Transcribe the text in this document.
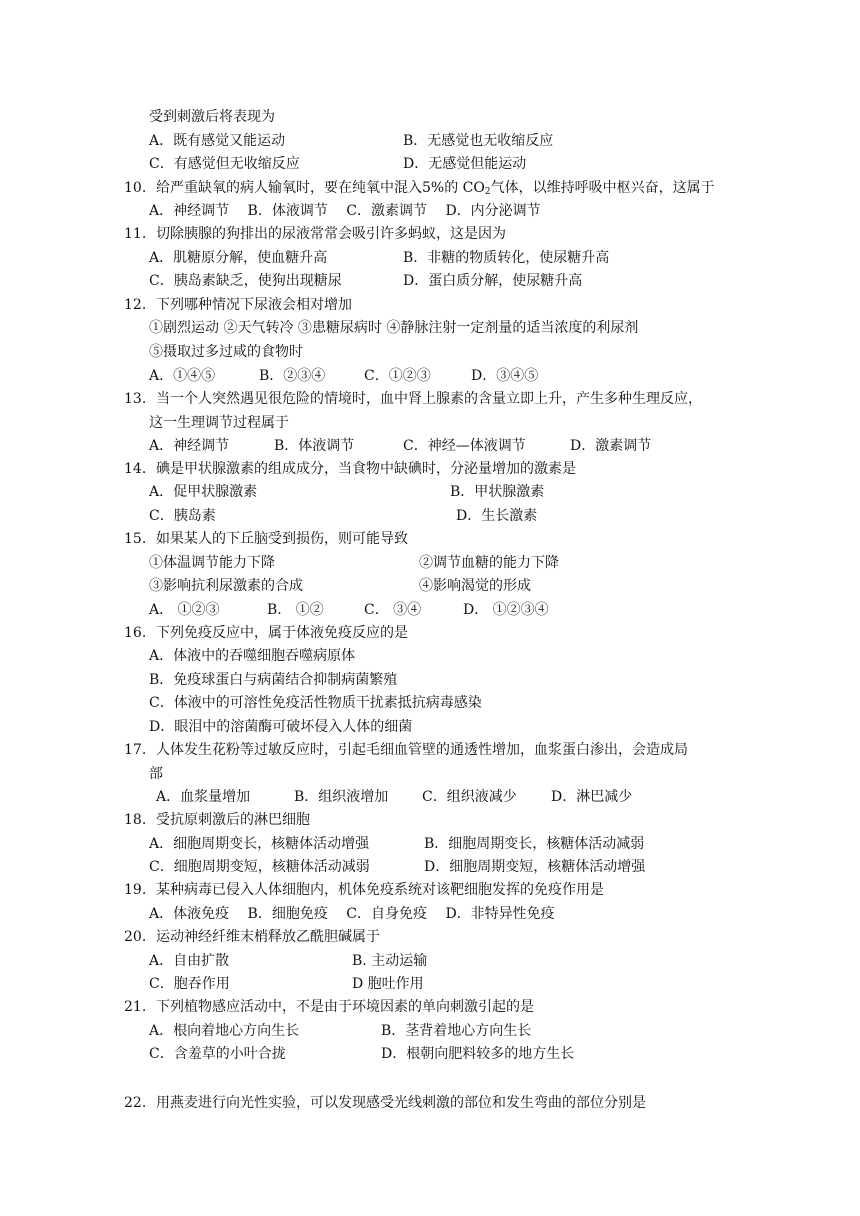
受到刺激后将表现为
A．既有感觉又能运动	B．无感觉也无收缩反应
C．有感觉但无收缩反应	D．无感觉但能运动
10. 给严重缺氧的病人输氧时，要在纯氧中混入5%的 $CO_2$气体，以维持呼吸中枢兴奋，这属于
A．神经调节　 B．体液调节　 C．激素调节　 D．内分泌调节
11. 切除胰腺的狗排出的尿液常常会吸引许多蚂蚁，这是因为
A．肌糖原分解，使血糖升高	B．非糖的物质转化，使尿糖升高
C．胰岛素缺乏，使狗出现糖尿	D．蛋白质分解，使尿糖升高
12. 下列哪种情况下尿液会相对增加
①剧烈运动 ②天气转冷 ③患糖尿病时 ④静脉注射一定剂量的适当浓度的利尿剂
⑤摄取过多过咸的食物时
A．①④⑤	B．②③④	C．①②③	D．③④⑤
13. 当一个人突然遇见很危险的情境时，血中肾上腺素的含量立即上升，产生多种生理反应，
这一生理调节过程属于
A．神经调节	B．体液调节	C．神经—体液调节	D．激素调节
14. 碘是甲状腺激素的组成成分，当食物中缺碘时，分泌量增加的激素是
A．促甲状腺激素	B．甲状腺激素
C．胰岛素	D．生长激素
15. 如果某人的下丘脑受到损伤，则可能导致
①体温调节能力下降	②调节血糖的能力下降
③影响抗利尿激素的合成	④影响渴觉的形成
A． ①②③	B． ①②	C． ③④	D． ①②③④
16. 下列免疫反应中，属于体液免疫反应的是
A．体液中的吞噬细胞吞噬病原体
B．免疫球蛋白与病菌结合抑制病菌繁殖
C．体液中的可溶性免疫活性物质干扰素抵抗病毒感染
D．眼泪中的溶菌酶可破坏侵入人体的细菌
17. 人体发生花粉等过敏反应时，引起毛细血管壁的通透性增加，血浆蛋白渗出，会造成局
部
A．血浆量增加	B．组织液增加 C．组织液减少 D．淋巴减少
18. 受抗原刺激后的淋巴细胞
A．细胞周期变长，核糖体活动增强	B．细胞周期变长，核糖体活动减弱
C．细胞周期变短，核糖体活动减弱	D．细胞周期变短，核糖体活动增强
19. 某种病毒已侵入人体细胞内，机体免疫系统对该靶细胞发挥的免疫作用是
A．体液免疫　 B．细胞免疫　 C．自身免疫　 D．非特异性免疫
20. 运动神经纤维末梢释放乙酰胆碱属于
A．自由扩散	B. 主动运输
C．胞吞作用	D 胞吐作用
21. 下列植物感应活动中，不是由于环境因素的单向刺激引起的是
A．根向着地心方向生长	B．茎背着地心方向生长
C．含羞草的小叶合拢	D．根朝向肥料较多的地方生长
22. 用燕麦进行向光性实验，可以发现感受光线刺激的部位和发生弯曲的部位分别是
